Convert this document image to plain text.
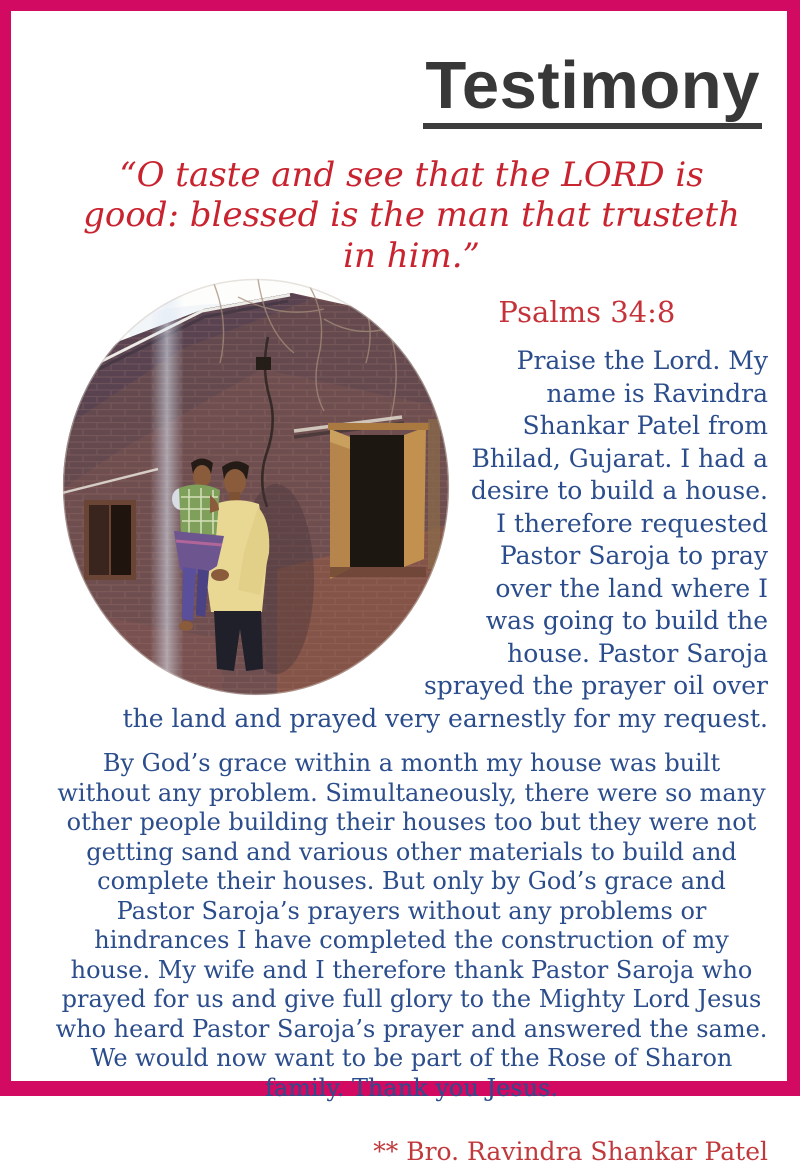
Testimony
“O taste and see that the LORD is good: blessed is the man that trusteth in him.”
Psalms 34:8
Praise the Lord. My name is Ravindra Shankar Patel from Bhilad, Gujarat. I had a desire to build a house. I therefore requested Pastor Saroja to pray over the land where I was going to build the house. Pastor Saroja sprayed the prayer oil over the land and prayed very earnestly for my request.

By God’s grace within a month my house was built without any problem. Simultaneously, there were so many other people building their houses too but they were not getting sand and various other materials to build and complete their houses. But only by God’s grace and Pastor Saroja’s prayers without any problems or hindrances I have completed the construction of my house. My wife and I therefore thank Pastor Saroja who prayed for us and give full glory to the Mighty Lord Jesus who heard Pastor Saroja’s prayer and answered the same. We would now want to be part of the Rose of Sharon family. Thank you Jesus.

** Bro. Ravindra Shankar Patel
